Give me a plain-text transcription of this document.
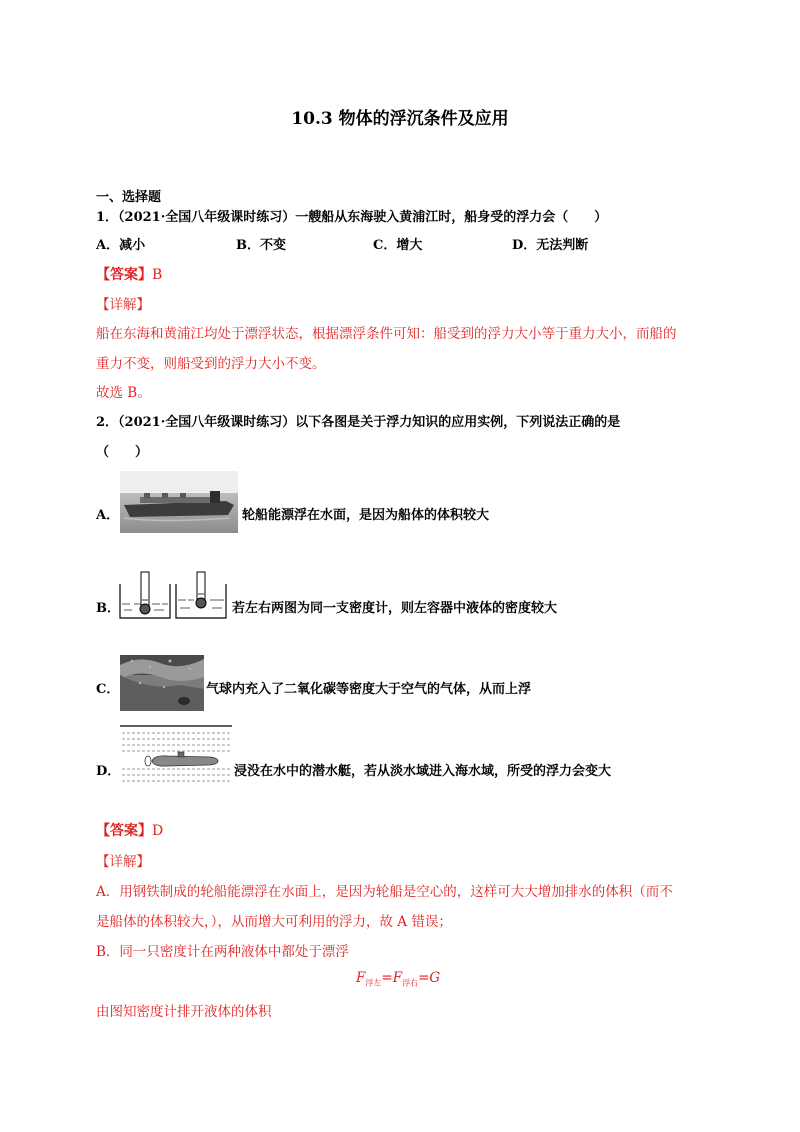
10.3 物体的浮沉条件及应用
一、选择题
1．（2021·全国八年级课时练习）一艘船从东海驶入黄浦江时，船身受的浮力会（　　）
A．减小	B．不变	C．增大	D．无法判断
【答案】B
【详解】
船在东海和黄浦江均处于漂浮状态，根据漂浮条件可知：船受到的浮力大小等于重力大小，而船的
重力不变，则船受到的浮力大小不变。
故选 B。
2．（2021·全国八年级课时练习）以下各图是关于浮力知识的应用实例，下列说法正确的是
（　　）
A．	轮船能漂浮在水面，是因为船体的体积较大
B．	若左右两图为同一支密度计，则左容器中液体的密度较大
C．	气球内充入了二氧化碳等密度大于空气的气体，从而上浮
D．	浸没在水中的潜水艇，若从淡水域进入海水域，所受的浮力会变大
【答案】D
【详解】
A．用钢铁制成的轮船能漂浮在水面上，是因为轮船是空心的，这样可大大增加排水的体积（而不
是船体的体积较大，），从而增大可利用的浮力，故 A 错误；
B．同一只密度计在两种液体中都处于漂浮
$F_{浮左}=F_{浮右}=G$
由图知密度计排开液体的体积
